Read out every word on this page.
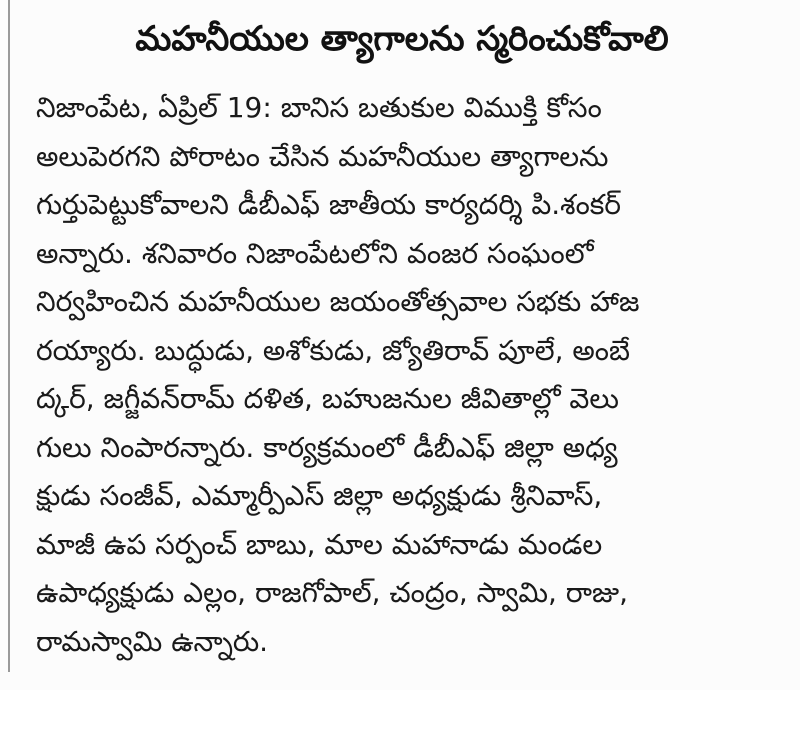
మహనీయుల త్యాగాలను స్మరించుకోవాలి
నిజాంపేట, ఏప్రిల్ 19: బానిస బతుకుల విముక్తి కోసం
అలుపెరగని పోరాటం చేసిన మహనీయుల త్యాగాలను
గుర్తుపెట్టుకోవాలని డీబీఎఫ్ జాతీయ కార్యదర్శి పి.శంకర్
అన్నారు. శనివారం నిజాంపేటలోని వంజర సంఘంలో
నిర్వహించిన మహనీయుల జయంతోత్సవాల సభకు హాజ
రయ్యారు. బుద్ధుడు, అశోకుడు, జ్యోతిరావ్ పూలే, అంబే
ద్కర్, జగ్జీవన్‌రామ్ దళిత, బహుజనుల జీవితాల్లో వెలు
గులు నింపారన్నారు. కార్యక్రమంలో డీబీఎఫ్ జిల్లా అధ్య
క్షుడు సంజీవ్, ఎమ్మార్పీఎస్ జిల్లా అధ్యక్షుడు శ్రీనివాస్,
మాజీ ఉప సర్పంచ్ బాబు, మాల మహానాడు మండల
ఉపాధ్యక్షుడు ఎల్లం, రాజగోపాల్, చంద్రం, స్వామి, రాజు,
రామస్వామి ఉన్నారు.
